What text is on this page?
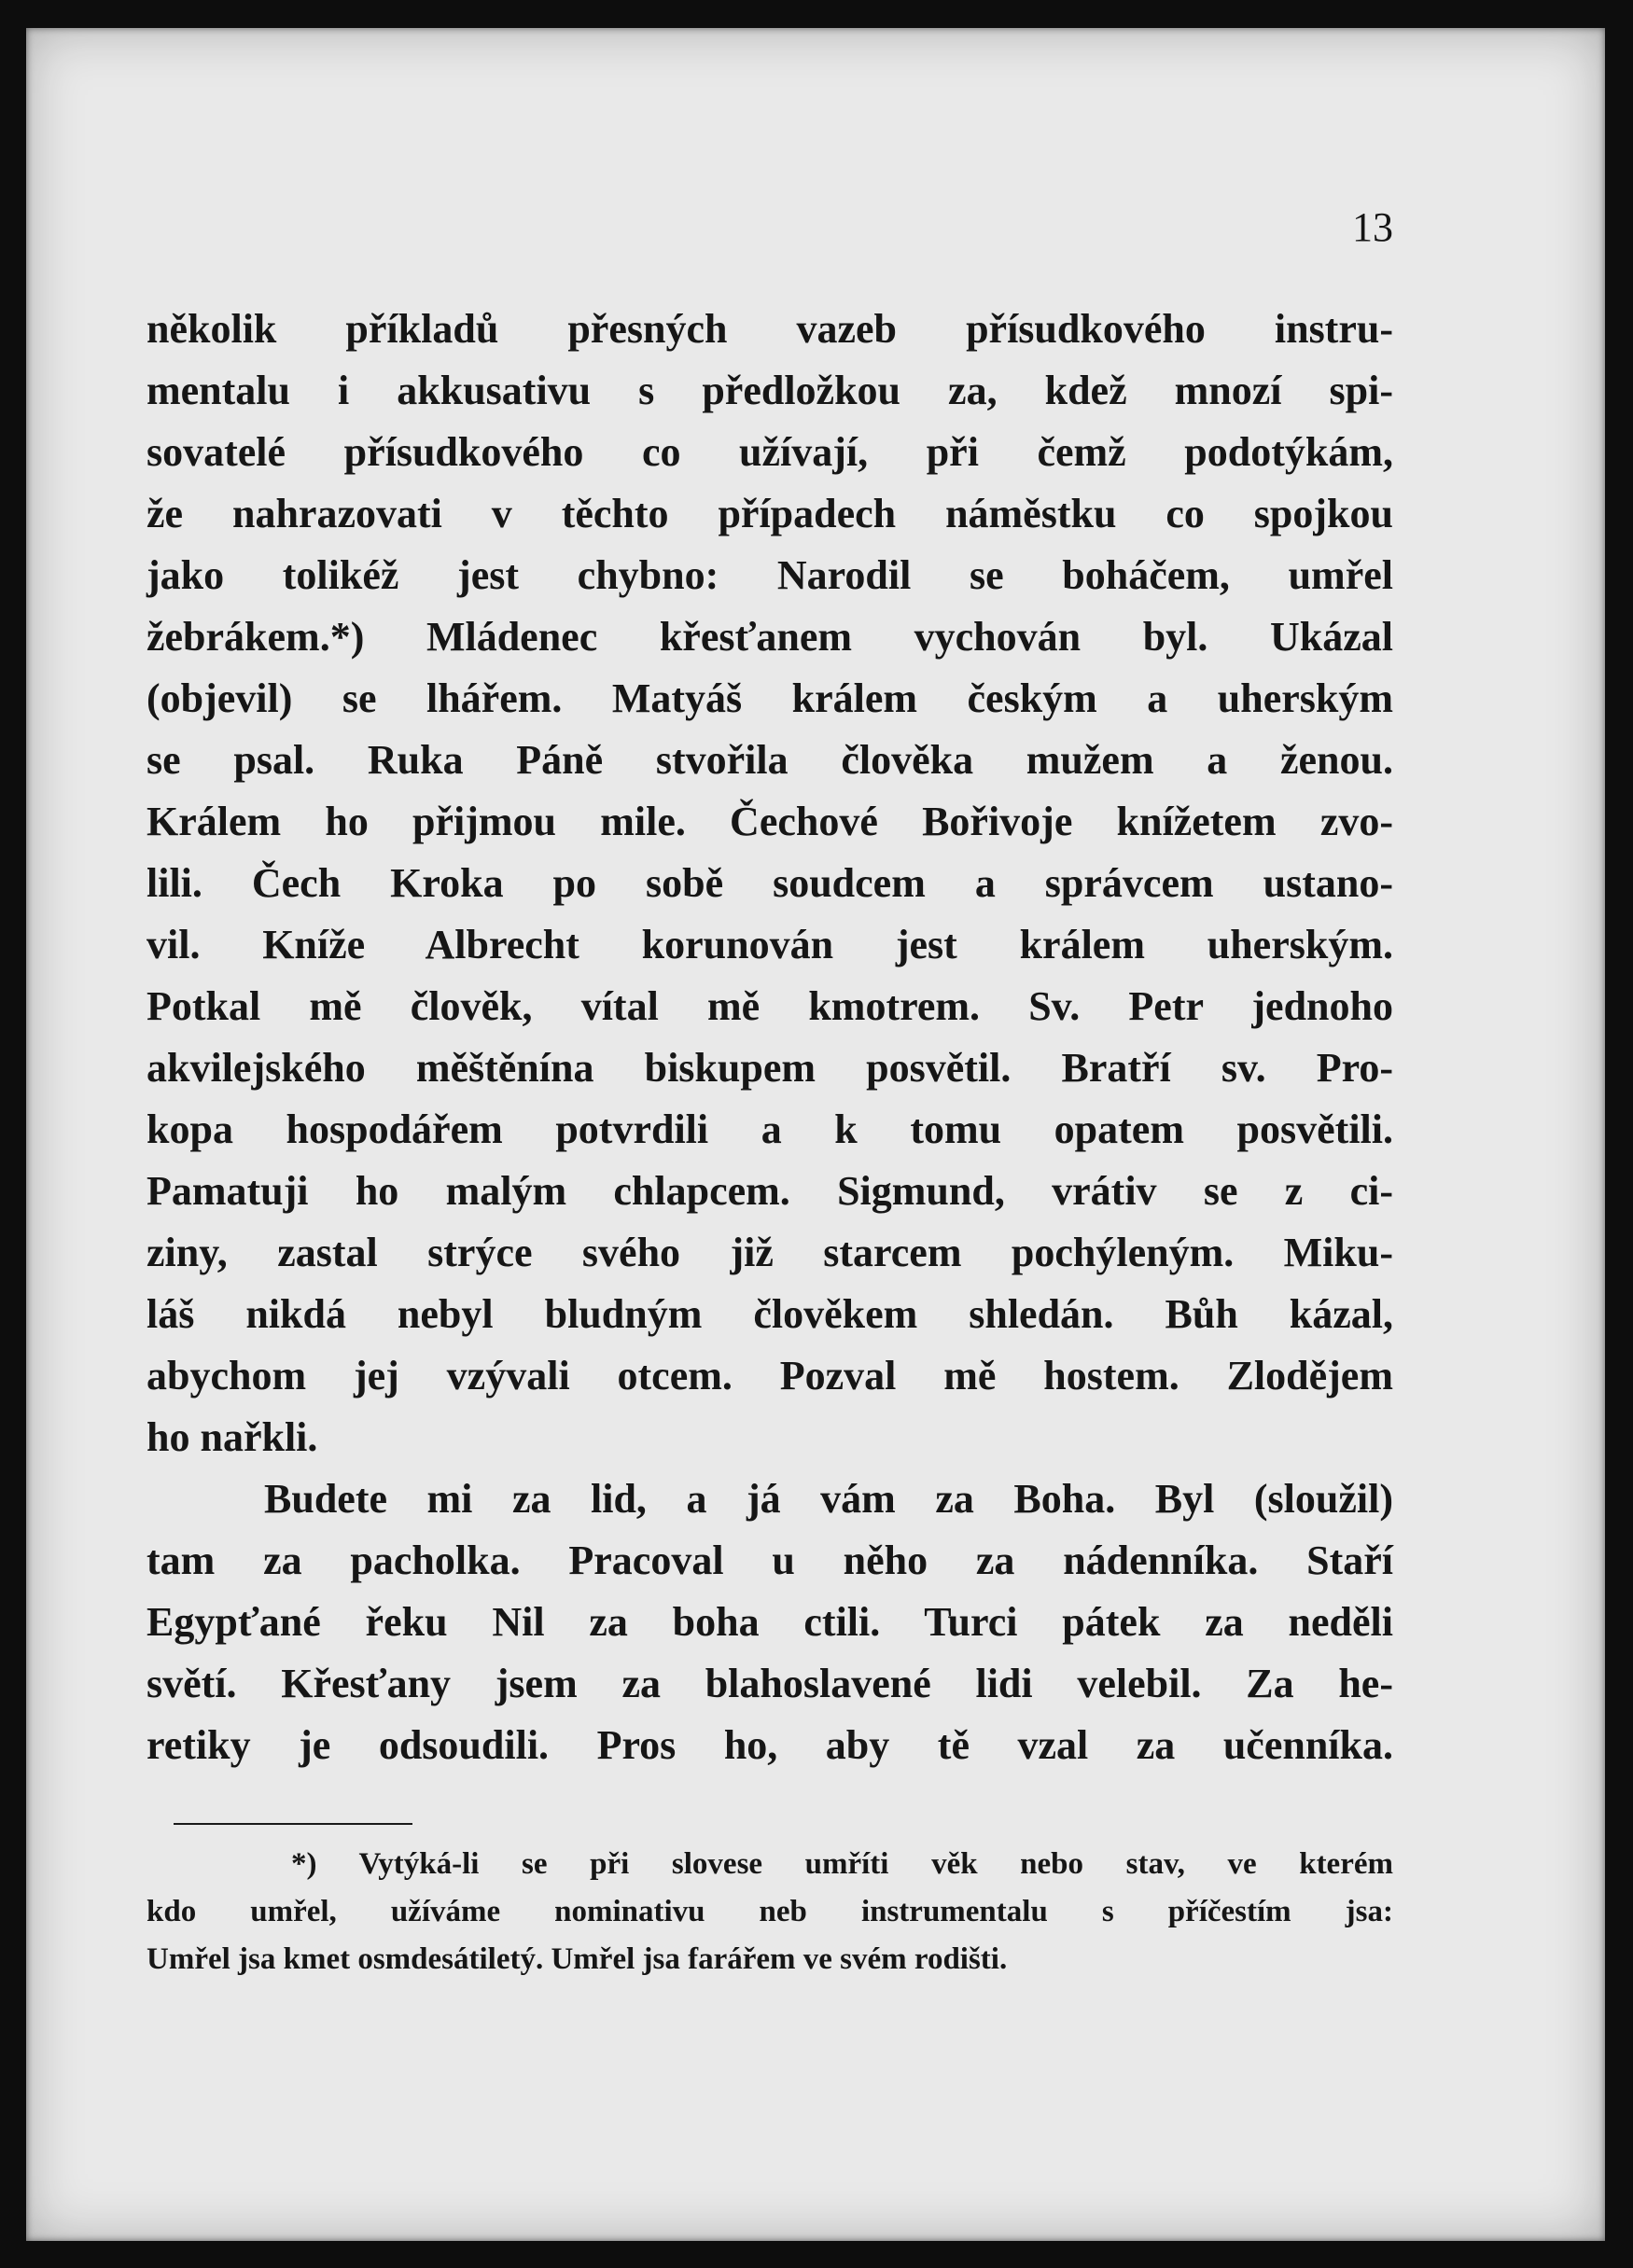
13
několik příkladů přesných vazeb přísudkového instru-
mentalu i akkusativu s předložkou za, kdež mnozí spi-
sovatelé přísudkového co užívají, při čemž podotýkám,
že nahrazovati v těchto případech náměstku co spojkou
jako tolikéž jest chybno: Narodil se boháčem, umřel
žebrákem.*) Mládenec křesťanem vychován byl. Ukázal
(objevil) se lhářem. Matyáš králem českým a uherským
se psal. Ruka Páně stvořila člověka mužem a ženou.
Králem ho přijmou mile. Čechové Bořivoje knížetem zvo-
lili. Čech Kroka po sobě soudcem a správcem ustano-
vil. Kníže Albrecht korunován jest králem uherským.
Potkal mě člověk, vítal mě kmotrem. Sv. Petr jednoho
akvilejského měštěnína biskupem posvětil. Bratří sv. Pro-
kopa hospodářem potvrdili a k tomu opatem posvětili.
Pamatuji ho malým chlapcem. Sigmund, vrátiv se z ci-
ziny, zastal strýce svého již starcem pochýleným. Miku-
láš nikdá nebyl bludným člověkem shledán. Bůh kázal,
abychom jej vzývali otcem. Pozval mě hostem. Zlodějem
ho nařkli.
Budete mi za lid, a já vám za Boha. Byl (sloužil)
tam za pacholka. Pracoval u něho za nádenníka. Staří
Egypťané řeku Nil za boha ctili. Turci pátek za neděli
světí. Křesťany jsem za blahoslavené lidi velebil. Za he-
retiky je odsoudili. Pros ho, aby tě vzal za učenníka.
*) Vytýká-li se při slovese umříti věk nebo stav, ve kterém
kdo umřel, užíváme nominativu neb instrumentalu s příčestím jsa:
Umřel jsa kmet osmdesátiletý. Umřel jsa farářem ve svém rodišti.
